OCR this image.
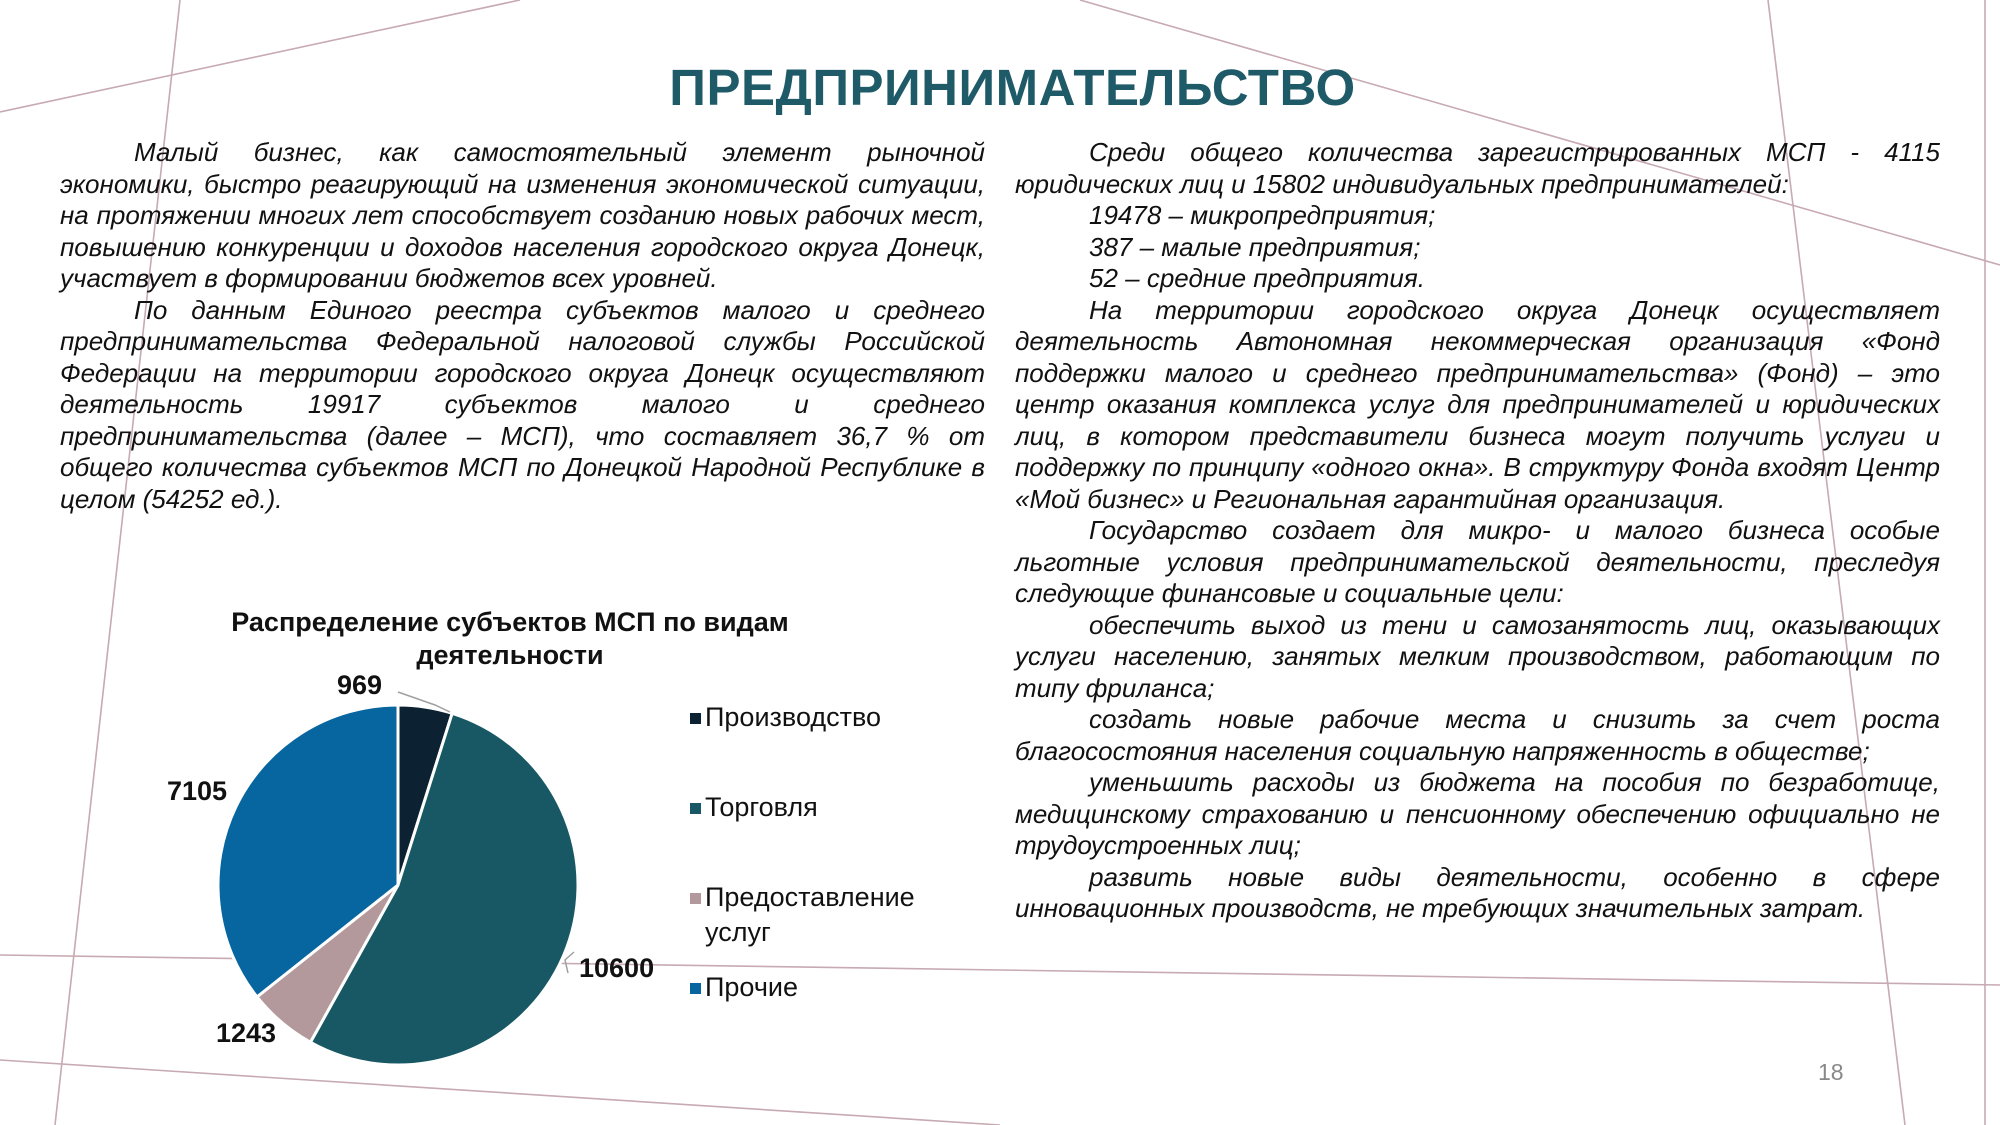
ПРЕДПРИНИМАТЕЛЬСТВО

Малый бизнес, как самостоятельный элемент рыночной экономики, быстро реагирующий на изменения экономической ситуации, на протяжении многих лет способствует созданию новых рабочих мест, повышению конкуренции и доходов населения городского округа Донецк, участвует в формировании бюджетов всех уровней.

По данным Единого реестра субъектов малого и среднего предпринимательства Федеральной налоговой службы Российской Федерации на территории городского округа Донецк осуществляют деятельность 19917 субъектов малого и среднего предпринимательства (далее – МСП), что составляет 36,7 % от общего количества субъектов МСП по Донецкой Народной Республике в целом (54252 ед.).

Среди общего количества зарегистрированных МСП - 4115 юридических лиц и 15802 индивидуальных предпринимателей:

19478 – микропредприятия;

387 – малые предприятия;

52 – средние предприятия.

На территории городского округа Донецк осуществляет деятельность Автономная некоммерческая организация «Фонд поддержки малого и среднего предпринимательства» (Фонд) – это центр оказания комплекса услуг для предпринимателей и юридических лиц, в котором представители бизнеса могут получить услуги и поддержку по принципу «одного окна». В структуру Фонда входят Центр «Мой бизнес» и Региональная гарантийная организация.

Государство создает для микро- и малого бизнеса особые льготные условия предпринимательской деятельности, преследуя следующие финансовые и социальные цели:

обеспечить выход из тени и самозанятость лиц, оказывающих услуги населению, занятых мелким производством, работающим по типу фриланса;

создать новые рабочие места и снизить за счет роста благосостояния населения социальную напряженность в обществе;

уменьшить расходы из бюджета на пособия по безработице, медицинскому страхованию и пенсионному обеспечению официально не трудоустроенных лиц;

развить новые виды деятельности, особенно в сфере инновационных производств, не требующих значительных затрат.

Распределение субъектов МСП по видам деятельности
Производство
Торговля
Предоставление услуг
Прочие
969
10600
1243
7105
18
